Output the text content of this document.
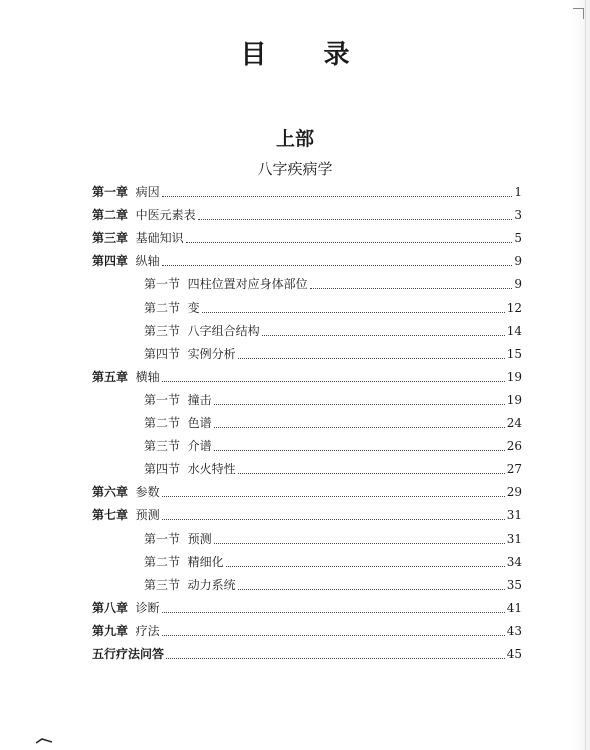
目 录
上部
八字疾病学
第一章 病因	1
第二章 中医元素表	3
第三章 基础知识	5
第四章 纵轴	9
第一节 四柱位置对应身体部位	9
第二节 变	12
第三节 八字组合结构	14
第四节 实例分析	15
第五章 横轴	19
第一节 撞击	19
第二节 色谱	24
第三节 介谱	26
第四节 水火特性	27
第六章 参数	29
第七章 预测	31
第一节 预测	31
第二节 精细化	34
第三节 动力系统	35
第八章 诊断	41
第九章 疗法	43
五行疗法问答	45
